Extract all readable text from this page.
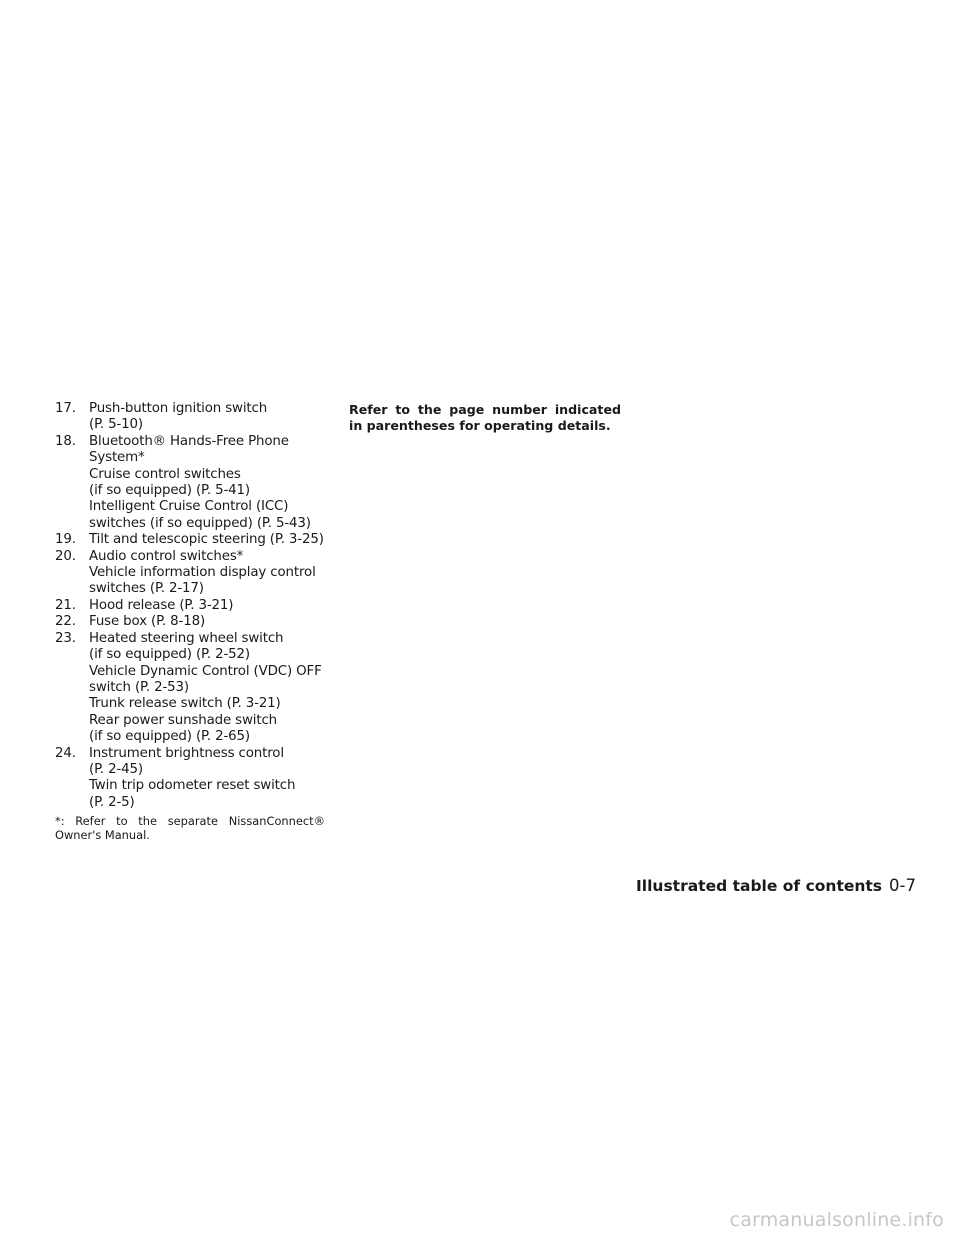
17. Push-button ignition switch
(P. 5-10)
18. Bluetooth® Hands-Free Phone
System*
Cruise control switches
(if so equipped) (P. 5-41)
Intelligent Cruise Control (ICC)
switches (if so equipped) (P. 5-43)
19. Tilt and telescopic steering (P. 3-25)
20. Audio control switches*
Vehicle information display control
switches (P. 2-17)
21. Hood release (P. 3-21)
22. Fuse box (P. 8-18)
23. Heated steering wheel switch
(if so equipped) (P. 2-52)
Vehicle Dynamic Control (VDC) OFF
switch (P. 2-53)
Trunk release switch (P. 3-21)
Rear power sunshade switch
(if so equipped) (P. 2-65)
24. Instrument brightness control
(P. 2-45)
Twin trip odometer reset switch
(P. 2-5)
*: Refer to the separate NissanConnect® Owner's Manual.
Refer to the page number indicated in parentheses for operating details.
Illustrated table of contents 0-7
carmanualsonline.info
